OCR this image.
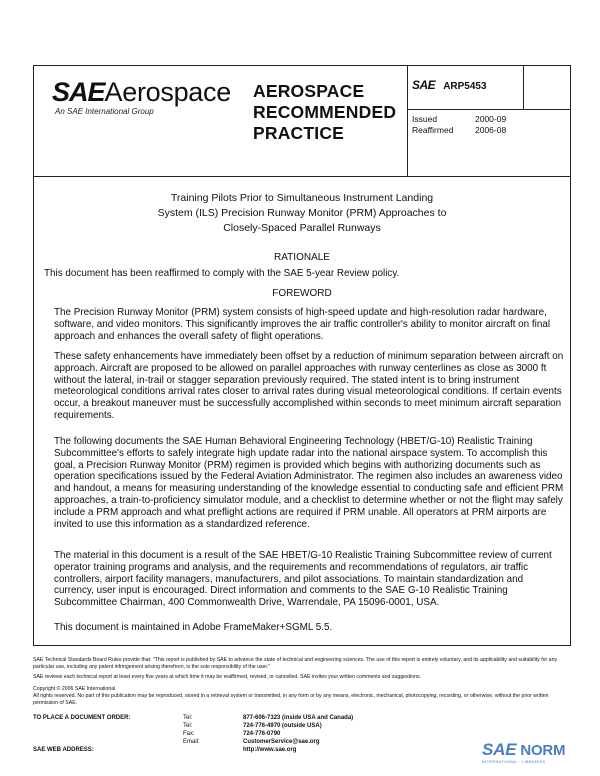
SAEAerospace
An SAE International Group
AEROSPACE
RECOMMENDED
PRACTICE
SAE ARP5453
Issued	2000-09
Reaffirmed	2006-08
Training Pilots Prior to Simultaneous Instrument Landing
System (ILS) Precision Runway Monitor (PRM) Approaches to
Closely-Spaced Parallel Runways
RATIONALE

This document has been reaffirmed to comply with the SAE 5-year Review policy.

FOREWORD

The Precision Runway Monitor (PRM) system consists of high-speed update and high-resolution radar hardware, software, and video monitors. This significantly improves the air traffic controller's ability to monitor aircraft on final approach and enhances the overall safety of flight operations.

These safety enhancements have immediately been offset by a reduction of minimum separation between aircraft on approach. Aircraft are proposed to be allowed on parallel approaches with runway centerlines as close as 3000 ft without the lateral, in-trail or stagger separation previously required. The stated intent is to bring instrument meteorological conditions arrival rates closer to arrival rates during visual meteorological conditions. If certain events occur, a breakout maneuver must be successfully accomplished within seconds to meet minimum aircraft separation requirements.

The following documents the SAE Human Behavioral Engineering Technology (HBET/G-10) Realistic Training Subcommittee's efforts to safely integrate high update radar into the national airspace system. To accomplish this goal, a Precision Runway Monitor (PRM) regimen is provided which begins with authorizing documents such as operation specifications issued by the Federal Aviation Administrator. The regimen also includes an awareness video and handout, a means for measuring understanding of the knowledge essential to conducting safe and efficient PRM approaches, a train-to-proficiency simulator module, and a checklist to determine whether or not the flight may safely include a PRM approach and what preflight actions are required if PRM unable. All operators at PRM airports are invited to use this information as a standardized reference.

The material in this document is a result of the SAE HBET/G-10 Realistic Training Subcommittee review of current operator training programs and analysis, and the requirements and recommendations of regulators, air traffic controllers, airport facility managers, manufacturers, and pilot associations. To maintain standardization and currency, user input is encouraged. Direct information and comments to the SAE G-10 Realistic Training Subcommittee Chairman, 400 Commonwealth Drive, Warrendale, PA 15096-0001, USA.

This document is maintained in Adobe FrameMaker+SGML 5.5.

SAE Technical Standards Board Rules provide that: "This report is published by SAE to advance the state of technical and engineering sciences. The use of this report is entirely voluntary, and its applicability and suitability for any particular use, including any patent infringement arising therefrom, is the sole responsibility of the user."
SAE reviews each technical report at least every five years at which time it may be reaffirmed, revised, or cancelled. SAE invites your written comments and suggestions.
Copyright © 2006 SAE International
All rights reserved. No part of this publication may be reproduced, stored in a retrieval system or transmitted, in any form or by any means, electronic, mechanical, photocopying, recording, or otherwise, without the prior written permission of SAE.
TO PLACE A DOCUMENT ORDER:	Tel:	877-606-7323 (inside USA and Canada)
Tel:	724-776-4970 (outside USA)
Fax:	724-776-0790
Email:	CustomerService@sae.org
SAE WEB ADDRESS:	http://www.sae.org	SAE NORM
INTERNATIONAL · LIBRARIES
